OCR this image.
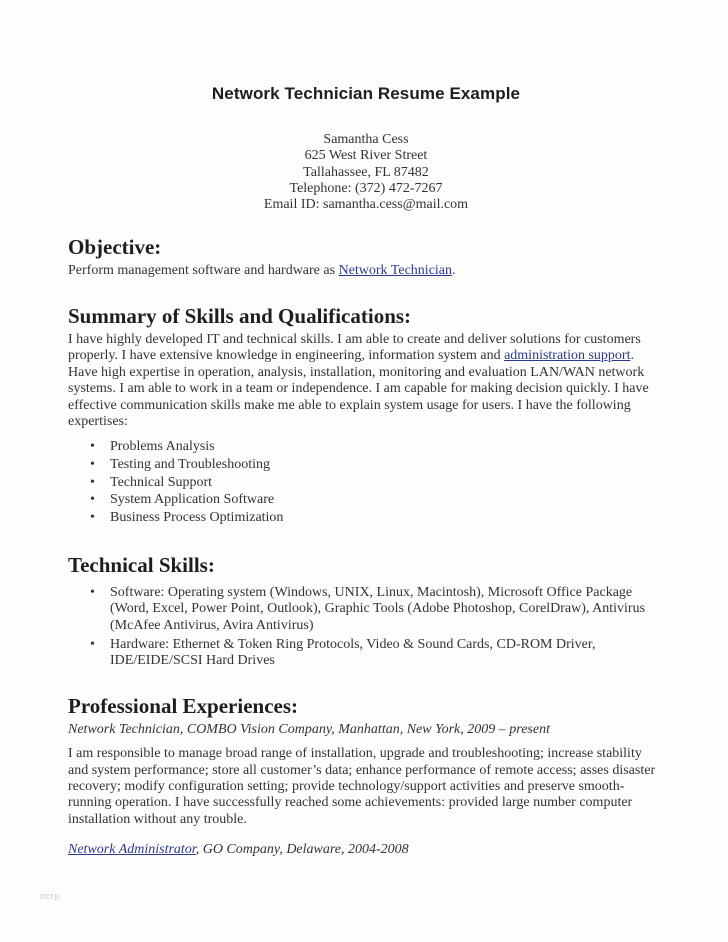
Network Technician Resume Example
Samantha Cess
625 West River Street
Tallahassee, FL 87482
Telephone: (372) 472-7267
Email ID: samantha.cess@mail.com
Objective:

Perform management software and hardware as Network Technician.

Summary of Skills and Qualifications:

I have highly developed IT and technical skills. I am able to create and deliver solutions for customers properly. I have extensive knowledge in engineering, information system and administration support. Have high expertise in operation, analysis, installation, monitoring and evaluation LAN/WAN network systems. I am able to work in a team or independence. I am capable for making decision quickly. I have effective communication skills make me able to explain system usage for users. I have the following expertises:

• Problems Analysis
• Testing and Troubleshooting
• Technical Support
• System Application Software
• Business Process Optimization
Technical Skills:
• Software: Operating system (Windows, UNIX, Linux, Macintosh), Microsoft Office Package (Word, Excel, Power Point, Outlook), Graphic Tools (Adobe Photoshop, CorelDraw), Antivirus (McAfee Antivirus, Avira Antivirus)
• Hardware: Ethernet & Token Ring Protocols, Video & Sound Cards, CD-ROM Driver, IDE/EIDE/SCSI Hard Drives
Professional Experiences:

Network Technician, COMBO Vision Company, Manhattan, New York, 2009 – present

I am responsible to manage broad range of installation, upgrade and troubleshooting; increase stability and system performance; store all customer’s data; enhance performance of remote access; asses disaster recovery; modify configuration setting; provide technology/support activities and preserve smooth-running operation. I have successfully reached some achievements: provided large number computer installation without any trouble.

Network Administrator, GO Company, Delaware, 2004-2008

ncrp
